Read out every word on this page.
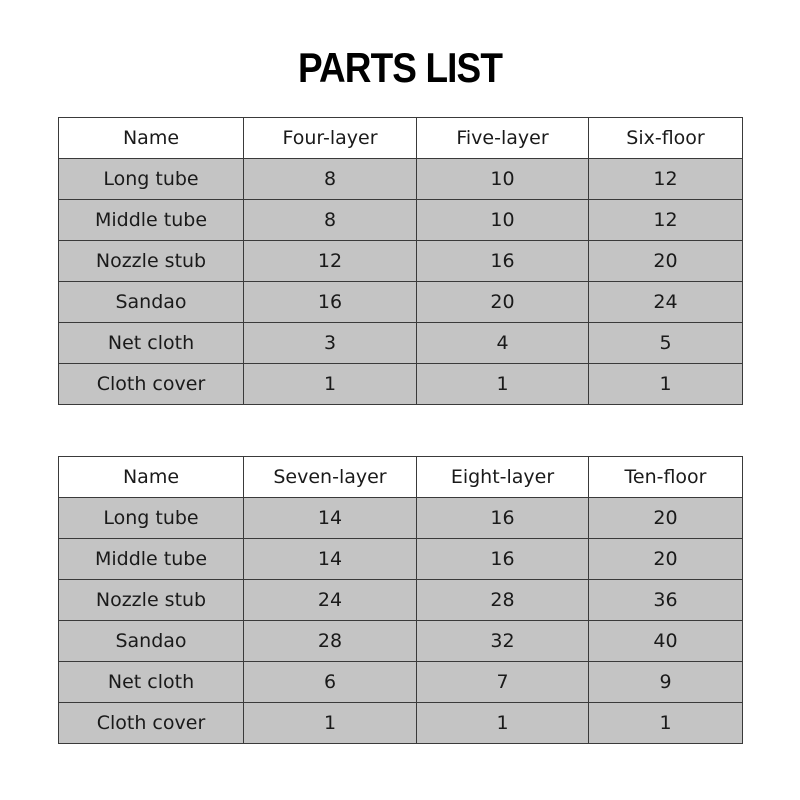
PARTS LIST
Name	Four-layer	Five-layer	Six-floor
Long tube	8	10	12
Middle tube	8	10	12
Nozzle stub	12	16	20
Sandao	16	20	24
Net cloth	3	4	5
Cloth cover	1	1	1
Name	Seven-layer	Eight-layer	Ten-floor
Long tube	14	16	20
Middle tube	14	16	20
Nozzle stub	24	28	36
Sandao	28	32	40
Net cloth	6	7	9
Cloth cover	1	1	1
